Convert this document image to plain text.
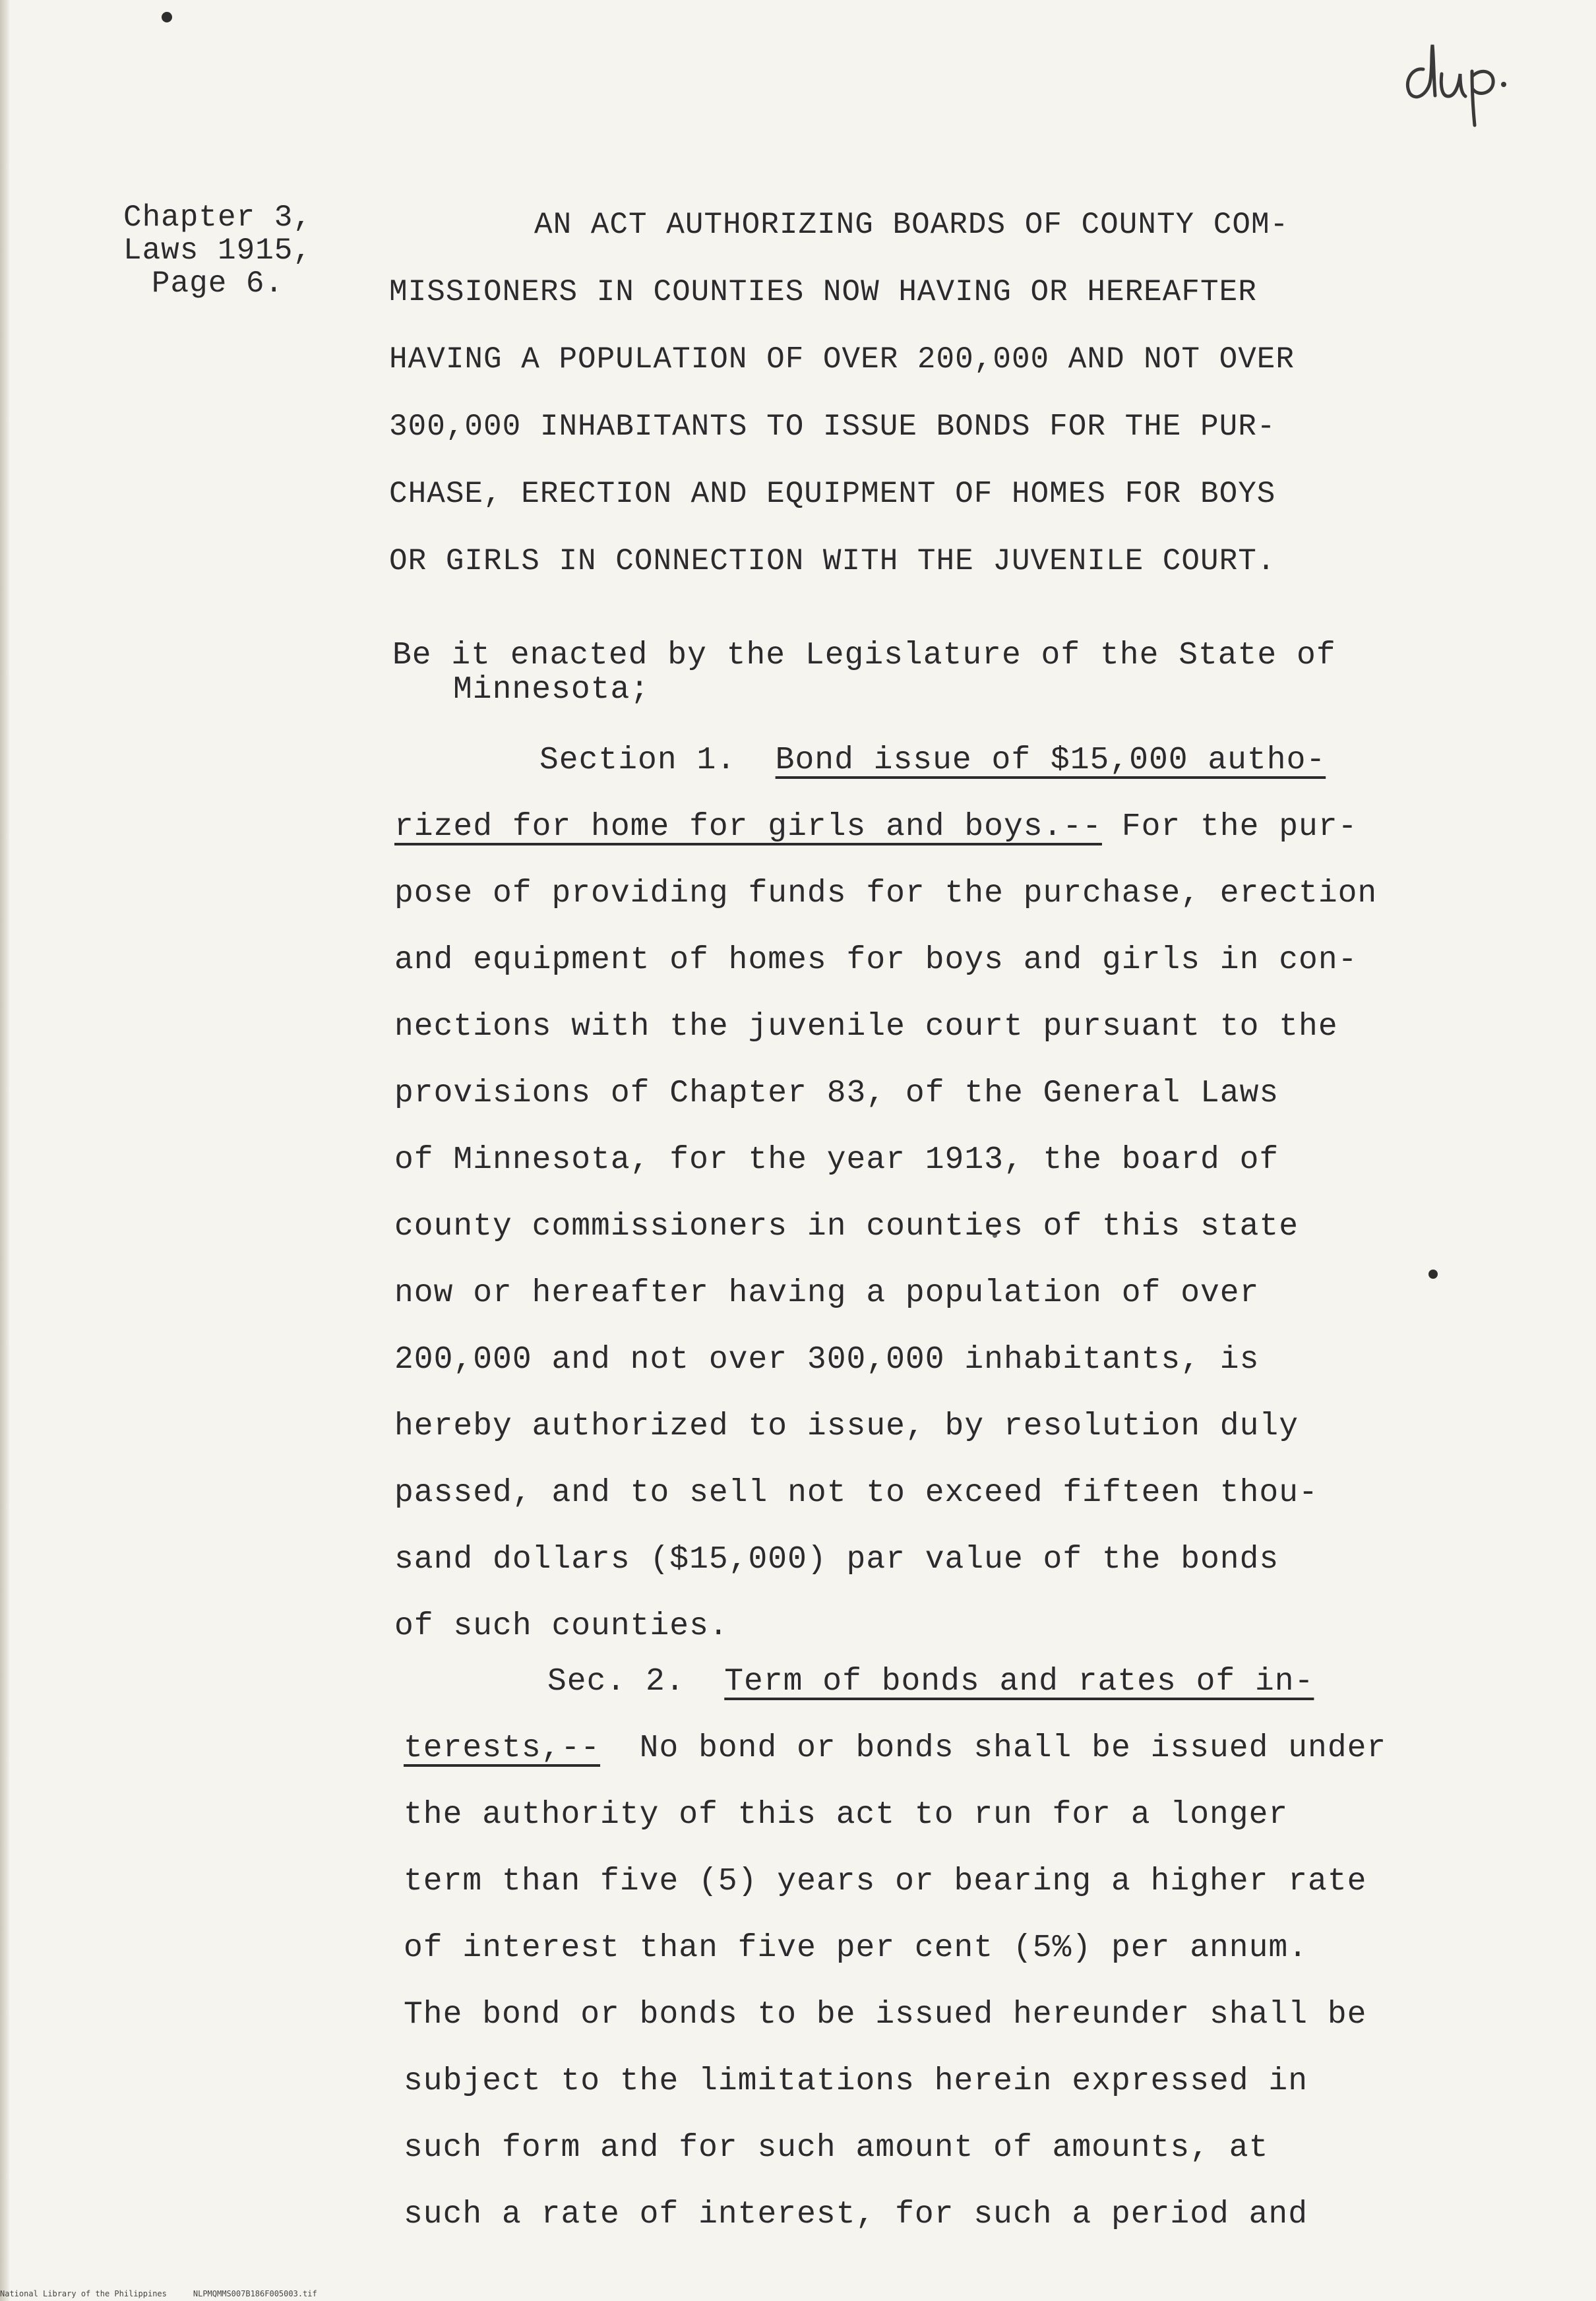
Chapter 3,
Laws 1915,
Page 6.
AN ACT AUTHORIZING BOARDS OF COUNTY COM-
MISSIONERS IN COUNTIES NOW HAVING OR HEREAFTER
HAVING A POPULATION OF OVER 200,000 AND NOT OVER
300,000 INHABITANTS TO ISSUE BONDS FOR THE PUR-
CHASE, ERECTION AND EQUIPMENT OF HOMES FOR BOYS
OR GIRLS IN CONNECTION WITH THE JUVENILE COURT.
Be it enacted by the Legislature of the State of
Minnesota;
Section 1. Bond issue of $15,000 autho-
rized for home for girls and boys.-- For the pur-
pose of providing funds for the purchase, erection
and equipment of homes for boys and girls in con-
nections with the juvenile court pursuant to the
provisions of Chapter 83, of the General Laws
of Minnesota, for the year 1913, the board of
county commissioners in counties of this state
now or hereafter having a population of over
200,000 and not over 300,000 inhabitants, is
hereby authorized to issue, by resolution duly
passed, and to sell not to exceed fifteen thou-
sand dollars ($15,000) par value of the bonds
of such counties.
Sec. 2. Term of bonds and rates of in-
terests,-- No bond or bonds shall be issued under
the authority of this act to run for a longer
term than five (5) years or bearing a higher rate
of interest than five per cent (5%) per annum.
The bond or bonds to be issued hereunder shall be
subject to the limitations herein expressed in
such form and for such amount of amounts, at
such a rate of interest, for such a period and
National Library of the Philippines	NLPMQMMS007B186F005003.tif
